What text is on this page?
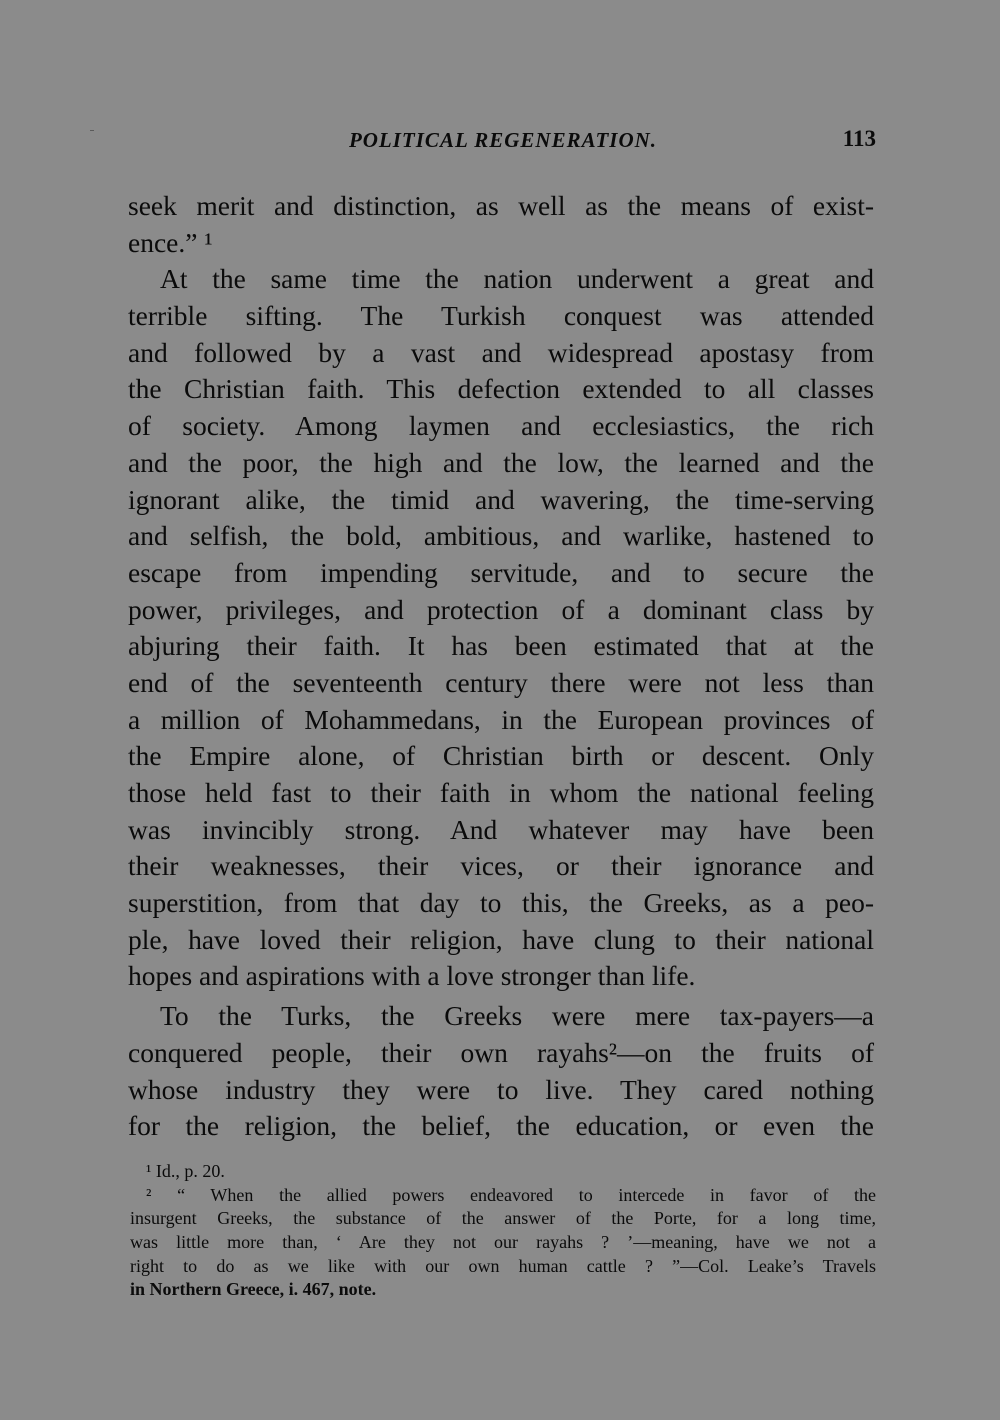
POLITICAL REGENERATION.	113
seek merit and distinction, as well as the means of exist-
ence.” ¹
At the same time the nation underwent a great and
terrible sifting. The Turkish conquest was attended
and followed by a vast and widespread apostasy from
the Christian faith. This defection extended to all classes
of society. Among laymen and ecclesiastics, the rich
and the poor, the high and the low, the learned and the
ignorant alike, the timid and wavering, the time-serving
and selfish, the bold, ambitious, and warlike, hastened to
escape from impending servitude, and to secure the
power, privileges, and protection of a dominant class by
abjuring their faith. It has been estimated that at the
end of the seventeenth century there were not less than
a million of Mohammedans, in the European provinces of
the Empire alone, of Christian birth or descent. Only
those held fast to their faith in whom the national feeling
was invincibly strong. And whatever may have been
their weaknesses, their vices, or their ignorance and
superstition, from that day to this, the Greeks, as a peo-
ple, have loved their religion, have clung to their national
hopes and aspirations with a love stronger than life.
To the Turks, the Greeks were mere tax-payers—a
conquered people, their own rayahs²—on the fruits of
whose industry they were to live. They cared nothing
for the religion, the belief, the education, or even the
¹ Id., p. 20.
² “ When the allied powers endeavored to intercede in favor of the
insurgent Greeks, the substance of the answer of the Porte, for a long time,
was little more than, ‘ Are they not our rayahs ? ’—meaning, have we not a
right to do as we like with our own human cattle ? ”—Col. Leake’s Travels
in Northern Greece, i. 467, note.
